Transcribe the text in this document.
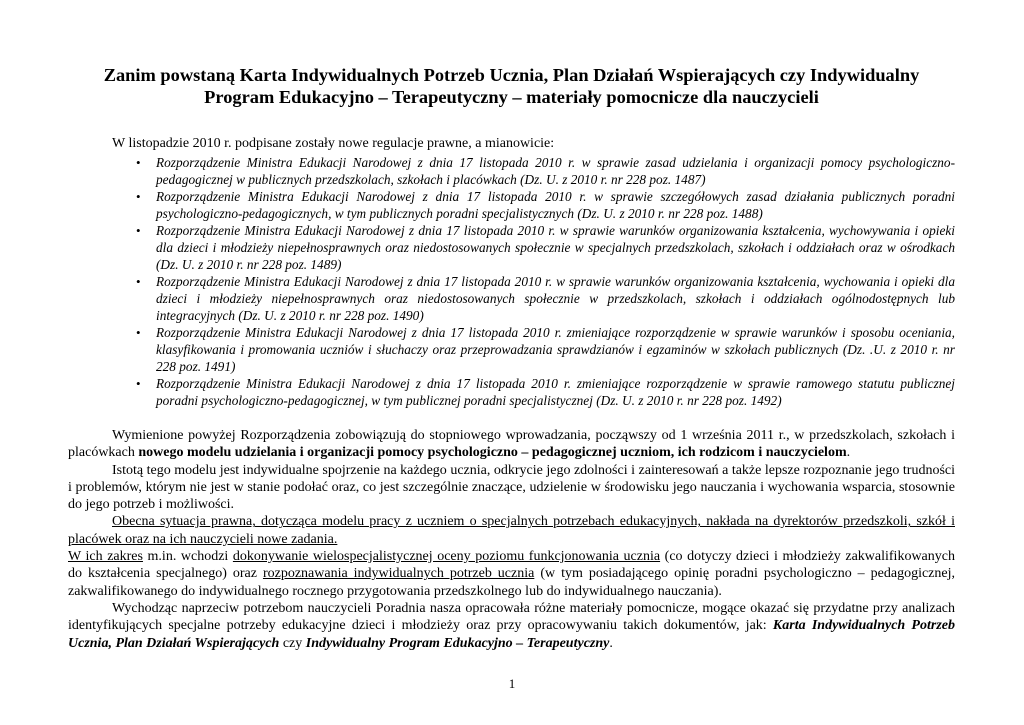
Zanim powstaną Karta Indywidualnych Potrzeb Ucznia, Plan Działań Wspierających czy Indywidualny Program Edukacyjno – Terapeutyczny – materiały pomocnicze dla nauczycieli
W listopadzie 2010 r. podpisane zostały nowe regulacje prawne, a mianowicie:
• Rozporządzenie Ministra Edukacji Narodowej z dnia 17 listopada 2010 r. w sprawie zasad udzielania i organizacji pomocy psychologiczno-pedagogicznej w publicznych przedszkolach, szkołach i placówkach (Dz. U. z 2010 r. nr 228 poz. 1487)
• Rozporządzenie Ministra Edukacji Narodowej z dnia 17 listopada 2010 r. w sprawie szczegółowych zasad działania publicznych poradni psychologiczno-pedagogicznych, w tym publicznych poradni specjalistycznych (Dz. U. z 2010 r. nr 228 poz. 1488)
• Rozporządzenie Ministra Edukacji Narodowej z dnia 17 listopada 2010 r. w sprawie warunków organizowania kształcenia, wychowywania i opieki dla dzieci i młodzieży niepełnosprawnych oraz niedostosowanych społecznie w specjalnych przedszkolach, szkołach i oddziałach oraz w ośrodkach (Dz. U. z 2010 r. nr 228 poz. 1489)
• Rozporządzenie Ministra Edukacji Narodowej z dnia 17 listopada 2010 r. w sprawie warunków organizowania kształcenia, wychowania i opieki dla dzieci i młodzieży niepełnosprawnych oraz niedostosowanych społecznie w przedszkolach, szkołach i oddziałach ogólnodostępnych lub integracyjnych (Dz. U. z 2010 r. nr 228 poz. 1490)
• Rozporządzenie Ministra Edukacji Narodowej z dnia 17 listopada 2010 r. zmieniające rozporządzenie w sprawie warunków i sposobu oceniania, klasyfikowania i promowania uczniów i słuchaczy oraz przeprowadzania sprawdzianów i egzaminów w szkołach publicznych (Dz. .U. z 2010 r. nr 228 poz. 1491)
• Rozporządzenie Ministra Edukacji Narodowej z dnia 17 listopada 2010 r. zmieniające rozporządzenie w sprawie ramowego statutu publicznej poradni psychologiczno-pedagogicznej, w tym publicznej poradni specjalistycznej (Dz. U. z 2010 r. nr 228 poz. 1492)

Wymienione powyżej Rozporządzenia zobowiązują do stopniowego wprowadzania, począwszy od 1 września 2011 r., w przedszkolach, szkołach i placówkach nowego modelu udzielania i organizacji pomocy psychologiczno – pedagogicznej uczniom, ich rodzicom i nauczycielom.

Istotą tego modelu jest indywidualne spojrzenie na każdego ucznia, odkrycie jego zdolności i zainteresowań a także lepsze rozpoznanie jego trudności i problemów, którym nie jest w stanie podołać oraz, co jest szczególnie znaczące, udzielenie w środowisku jego nauczania i wychowania wsparcia, stosownie do jego potrzeb i możliwości.

Obecna sytuacja prawna, dotycząca modelu pracy z uczniem o specjalnych potrzebach edukacyjnych, nakłada na dyrektorów przedszkoli, szkół i placówek oraz na ich nauczycieli nowe zadania.

W ich zakres m.in. wchodzi dokonywanie wielospecjalistycznej oceny poziomu funkcjonowania ucznia (co dotyczy dzieci i młodzieży zakwalifikowanych do kształcenia specjalnego) oraz rozpoznawania indywidualnych potrzeb ucznia (w tym posiadającego opinię poradni psychologiczno – pedagogicznej, zakwalifikowanego do indywidualnego rocznego przygotowania przedszkolnego lub do indywidualnego nauczania).

Wychodząc naprzeciw potrzebom nauczycieli Poradnia nasza opracowała różne materiały pomocnicze, mogące okazać się przydatne przy analizach identyfikujących specjalne potrzeby edukacyjne dzieci i młodzieży oraz przy opracowywaniu takich dokumentów, jak: Karta Indywidualnych Potrzeb Ucznia, Plan Działań Wspierających czy Indywidualny Program Edukacyjno – Terapeutyczny.

1
